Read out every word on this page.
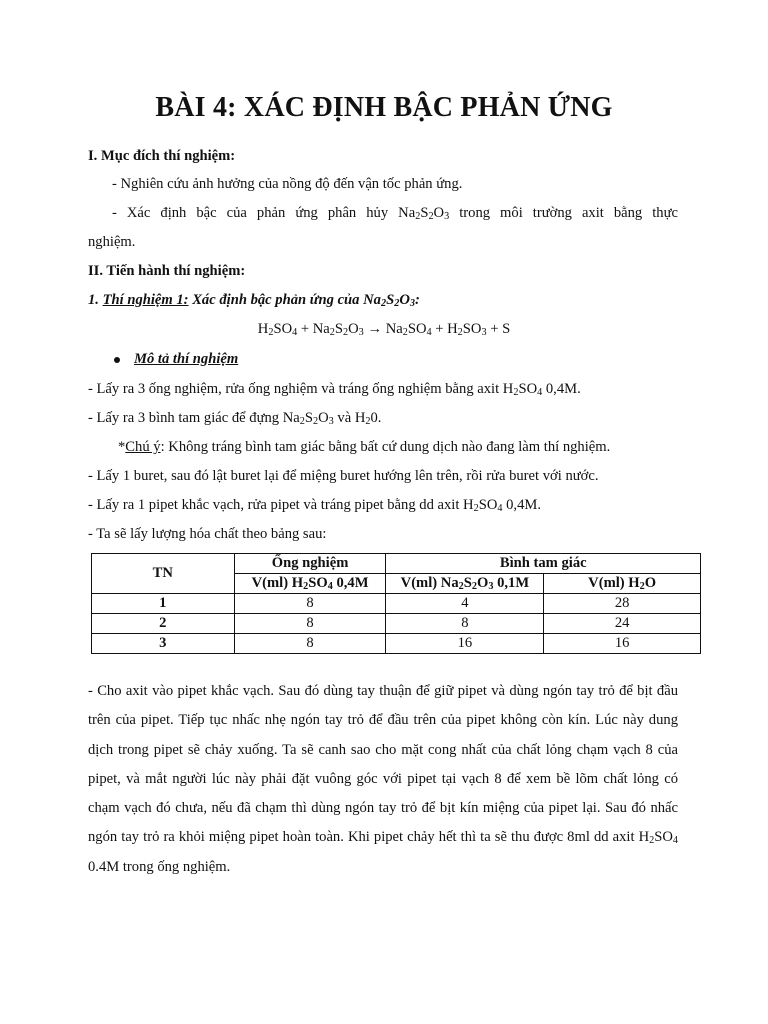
BÀI 4: XÁC ĐỊNH BẬC PHẢN ỨNG
I. Mục đích thí nghiệm:
- Nghiên cứu ảnh hưởng của nồng độ đến vận tốc phản ứng.
- Xác định bậc của phản ứng phân hủy $Na_2S_2O_3$ trong môi trường axit bằng thực
nghiệm.
II. Tiến hành thí nghiệm:
1. Thí nghiệm 1: Xác định bậc phản ứng của $Na_2S_2O_3$:
$H_2SO_4 + Na_2S_2O_3 \to Na_2SO_4 + H_2SO_3 + S$
Mô tả thí nghiệm
- Lấy ra 3 ống nghiệm, rửa ống nghiệm và tráng ống nghiệm bằng axit $H_2SO_4$ 0,4M.
- Lấy ra 3 bình tam giác để đựng $Na_2S_2O_3$ và $H_20$.
*Chú ý: Không tráng bình tam giác bằng bất cứ dung dịch nào đang làm thí nghiệm.
- Lấy 1 buret, sau đó lật buret lại để miệng buret hướng lên trên, rồi rửa buret với nước.
- Lấy ra 1 pipet khắc vạch, rửa pipet và tráng pipet bằng dd axit $H_2SO_4$ 0,4M.
- Ta sẽ lấy lượng hóa chất theo bảng sau:
TN	Ống nghiệm	Bình tam giác	
	V(ml) $H_2SO_4$ 0,4M	V(ml) $Na_2S_2O_3$ 0,1M	V(ml) $H_2O$
1	8	4	28
2	8	8	24
3	8	16	16
- Cho axit vào pipet khắc vạch. Sau đó dùng tay thuận để giữ pipet và dùng ngón tay trỏ để bịt đầu trên của pipet. Tiếp tục nhấc nhẹ ngón tay trỏ để đầu trên của pipet không còn kín. Lúc này dung dịch trong pipet sẽ chảy xuống. Ta sẽ canh sao cho mặt cong nhất của chất lỏng chạm vạch 8 của pipet, và mắt người lúc này phải đặt vuông góc với pipet tại vạch 8 để xem bề lõm chất lỏng có chạm vạch đó chưa, nếu đã chạm thì dùng ngón tay trỏ để bịt kín miệng của pipet lại. Sau đó nhấc ngón tay trỏ ra khỏi miệng pipet hoàn toàn. Khi pipet chảy hết thì ta sẽ thu được 8ml dd axit $H_2SO_4$ 0.4M trong ống nghiệm.
